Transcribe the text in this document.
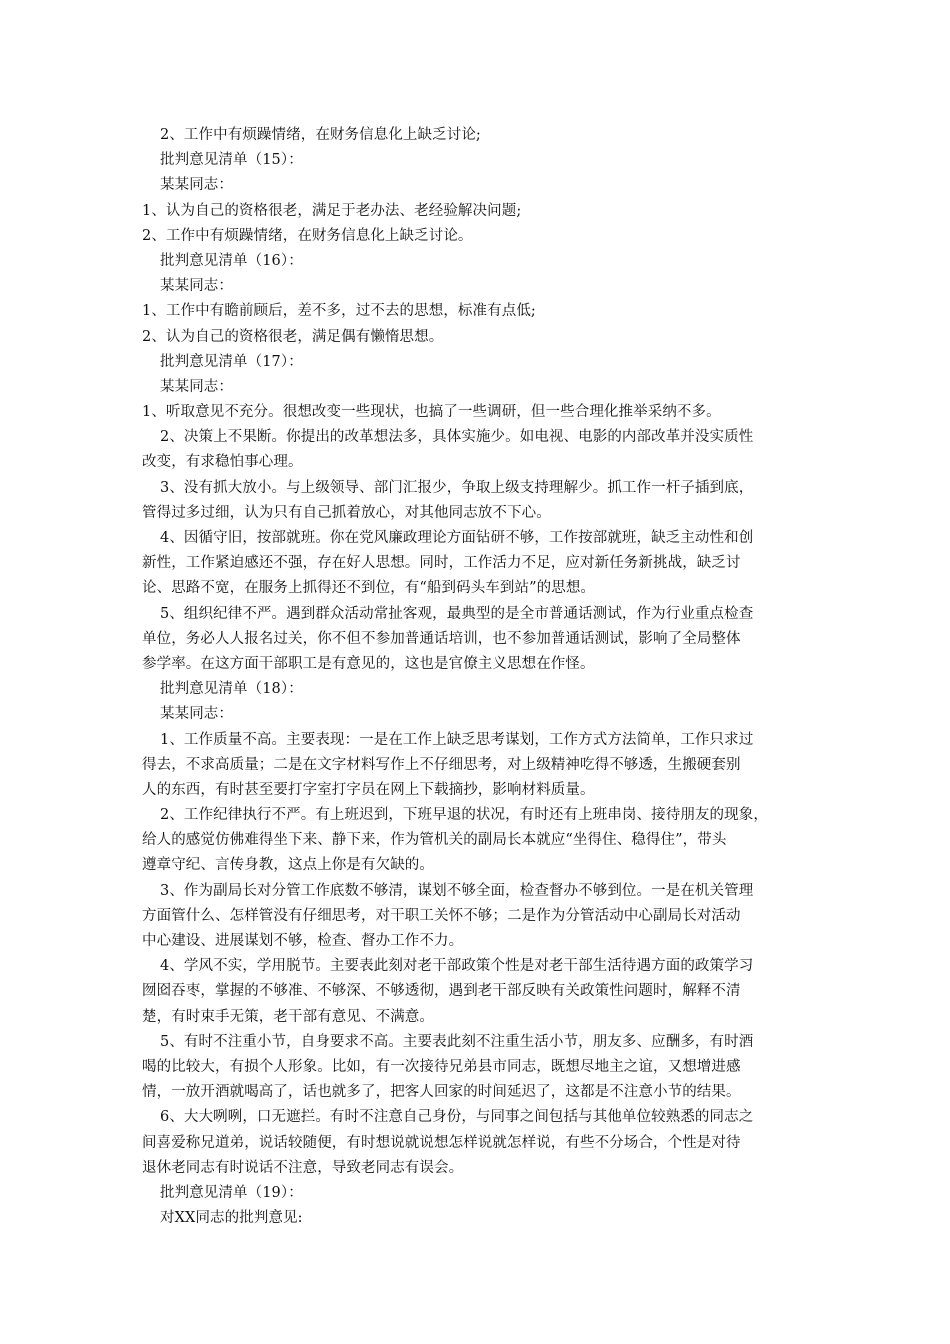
2、工作中有烦躁情绪，在财务信息化上缺乏讨论;
批判意见清单（15）：
某某同志：
1、认为自己的资格很老，满足于老办法、老经验解决问题;
2、工作中有烦躁情绪，在财务信息化上缺乏讨论。
批判意见清单（16）：
某某同志：
1、工作中有瞻前顾后，差不多，过不去的思想，标准有点低;
2、认为自己的资格很老，满足偶有懒惰思想。
批判意见清单（17）：
某某同志：
1、听取意见不充分。很想改变一些现状，也搞了一些调研，但一些合理化推举采纳不多。
2、决策上不果断。你提出的改革想法多，具体实施少。如电视、电影的内部改革并没实质性
改变，有求稳怕事心理。
3、没有抓大放小。与上级领导、部门汇报少，争取上级支持理解少。抓工作一杆子插到底，
管得过多过细，认为只有自己抓着放心，对其他同志放不下心。
4、因循守旧，按部就班。你在党风廉政理论方面钻研不够，工作按部就班，缺乏主动性和创
新性，工作紧迫感还不强，存在好人思想。同时，工作活力不足，应对新任务新挑战，缺乏讨
论、思路不宽，在服务上抓得还不到位，有“船到码头车到站”的思想。
5、组织纪律不严。遇到群众活动常扯客观，最典型的是全市普通话测试，作为行业重点检查
单位，务必人人报名过关，你不但不参加普通话培训，也不参加普通话测试，影响了全局整体
参学率。在这方面干部职工是有意见的，这也是官僚主义思想在作怪。
批判意见清单（18）：
某某同志：
1、工作质量不高。主要表现：一是在工作上缺乏思考谋划，工作方式方法简单，工作只求过
得去，不求高质量；二是在文字材料写作上不仔细思考，对上级精神吃得不够透，生搬硬套别
人的东西，有时甚至要打字室打字员在网上下载摘抄，影响材料质量。
2、工作纪律执行不严。有上班迟到，下班早退的状况，有时还有上班串岗、接待朋友的现象，
给人的感觉仿佛难得坐下来、静下来，作为管机关的副局长本就应“坐得住、稳得住”，带头
遵章守纪、言传身教，这点上你是有欠缺的。
3、作为副局长对分管工作底数不够清，谋划不够全面，检查督办不够到位。一是在机关管理
方面管什么、怎样管没有仔细思考，对干职工关怀不够；二是作为分管活动中心副局长对活动
中心建设、进展谋划不够，检查、督办工作不力。
4、学风不实，学用脱节。主要表此刻对老干部政策个性是对老干部生活待遇方面的政策学习
囫囵吞枣，掌握的不够准、不够深、不够透彻，遇到老干部反映有关政策性问题时，解释不清
楚，有时束手无策，老干部有意见、不满意。
5、有时不注重小节，自身要求不高。主要表此刻不注重生活小节，朋友多、应酬多，有时酒
喝的比较大，有损个人形象。比如，有一次接待兄弟县市同志，既想尽地主之谊，又想增进感
情，一放开酒就喝高了，话也就多了，把客人回家的时间延迟了，这都是不注意小节的结果。
6、大大咧咧，口无遮拦。有时不注意自己身份，与同事之间包括与其他单位较熟悉的同志之
间喜爱称兄道弟，说话较随便，有时想说就说想怎样说就怎样说，有些不分场合，个性是对待
退休老同志有时说话不注意，导致老同志有误会。
批判意见清单（19）：
对XX同志的批判意见:
